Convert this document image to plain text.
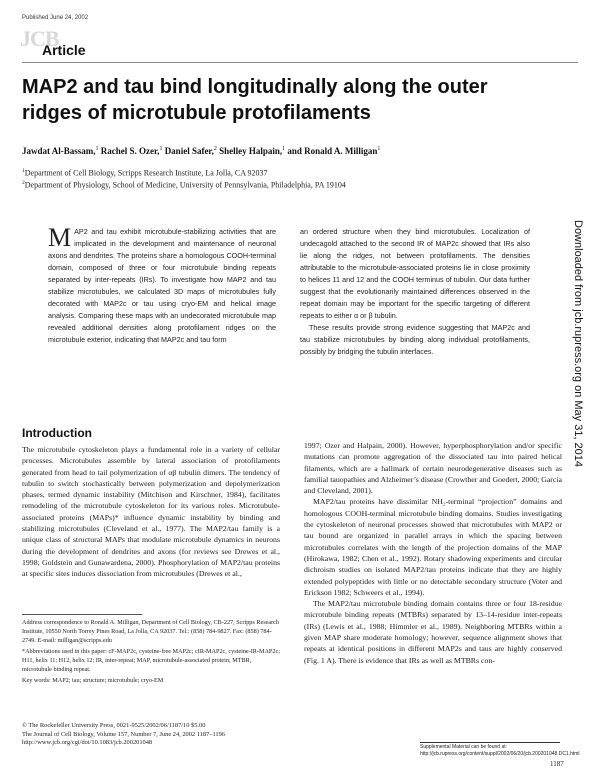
Published June 24, 2002
JCB
Article
MAP2 and tau bind longitudinally along the outer ridges of microtubule protofilaments
Jawdat Al-Bassam,$^1$ Rachel S. Ozer,$^1$ Daniel Safer,$^2$ Shelley Halpain,$^1$ and Ronald A. Milligan$^1$
$^1$Department of Cell Biology, Scripps Research Institute, La Jolla, CA 92037
$^2$Department of Physiology, School of Medicine, University of Pennsylvania, Philadelphia, PA 19104
MAP2 and tau exhibit microtubule-stabilizing activities that are implicated in the development and maintenance of neuronal axons and dendrites. The proteins share a homologous COOH-terminal domain, composed of three or four microtubule binding repeats separated by inter-repeats (IRs). To investigate how MAP2 and tau stabilize microtubules, we calculated 3D maps of microtubules fully decorated with MAP2c or tau using cryo-EM and helical image analysis. Comparing these maps with an undecorated microtubule map revealed additional densities along protofilament ridges on the microtubule exterior, indicating that MAP2c and tau form

an ordered structure when they bind microtubules. Localization of undecagold attached to the second IR of MAP2c showed that IRs also lie along the ridges, not between protofilaments. The densities attributable to the microtubule-associated proteins lie in close proximity to helices 11 and 12 and the COOH terminus of tubulin. Our data further suggest that the evolutionarily maintained differences observed in the repeat domain may be important for the specific targeting of different repeats to either α or β tubulin.

These results provide strong evidence suggesting that MAP2c and tau stabilize microtubules by binding along individual protofilaments, possibly by bridging the tubulin interfaces.	Downloaded from jcb.rupress.org on May 31, 2014
Introduction

The microtubule cytoskeleton plays a fundamental role in a variety of cellular processes. Microtubules assemble by lateral association of protofilaments generated from head to tail polymerization of αβ tubulin dimers. The tendency of tubulin to switch stochastically between polymerization and depolymerization phases, termed dynamic instability (Mitchison and Kirschner, 1984), facilitates remodeling of the microtubule cytoskeleton for its various roles. Microtubule-associated proteins (MAPs)* influence dynamic instability by binding and stabilizing microtubules (Cleveland et al., 1977). The MAP2/tau family is a unique class of structural MAPs that modulate microtubule dynamics in neurons during the development of dendrites and axons (for reviews see Drewes et al., 1998; Goldstein and Gunawardena, 2000). Phosphorylation of MAP2/tau proteins at specific sites induces dissociation from microtubules (Drewes et al.,

1997; Ozer and Halpain, 2000). However, hyperphosphorylation and/or specific mutations can promote aggregation of the dissociated tau into paired helical filaments, which are a hallmark of certain neurodegenerative diseases such as familial tauopathies and Alzheimer’s disease (Crowther and Goedert, 2000; Garcia and Cleveland, 2001).

MAP2/tau proteins have dissimilar NH₂-terminal “projection” domains and homologous COOH-terminal microtubule binding domains. Studies investigating the cytoskeleton of neuronal processes showed that microtubules with MAP2 or tau bound are organized in parallel arrays in which the spacing between microtubules correlates with the length of the projection domains of the MAP (Hirokawa, 1982; Chen et al., 1992). Rotary shadowing experiments and circular dichroism studies on isolated MAP2/tau proteins indicate that they are highly extended polypeptides with little or no detectable secondary structure (Voter and Erickson 1982; Schweers et al., 1994).

The MAP2/tau microtubule binding domain contains three or four 18-residue microtubule binding repeats (MTBRs) separated by 13–14-residue inter-repeats (IRs) (Lewis et al., 1988; Himmler et al., 1989). Neighboring MTBRs within a given MAP share moderate homology; however, sequence alignment shows that repeats at identical positions in different MAP2s and taus are highly conserved (Fig. 1 A). There is evidence that IRs as well as MTBRs con-

Address correspondence to Ronald A. Milligan, Department of Cell Biology, CB-227, Scripps Research Institute, 10550 North Torrey Pines Road, La Jolla, CA 92037. Tel.: (858) 784-9827. Fax: (858) 784-2749. E-mail: milligan@scripps.edu

*Abbreviations used in this paper: cF-MAP2c, cysteine-free MAP2c; cIR-MAP2c, cysteine-IR-MAP2c; H11, helix 11; H12, helix 12; IR, inter-repeat; MAP, microtubule-associated protein; MTBR, microtubule binding repeat.

Key words: MAP2; tau; structure; microtubule; cryo-EM

© The Rockefeller University Press, 0021-9525/2002/06/1187/10 $5.00
The Journal of Cell Biology, Volume 157, Number 7, June 24, 2002 1187–1196
http://www.jcb.org/cgi/doi/10.1083/jcb.200201048
Supplemental Material can be found at:
http://jcb.rupress.org/content/suppl/2002/06/20/jcb.200201048.DC1.html
1187
